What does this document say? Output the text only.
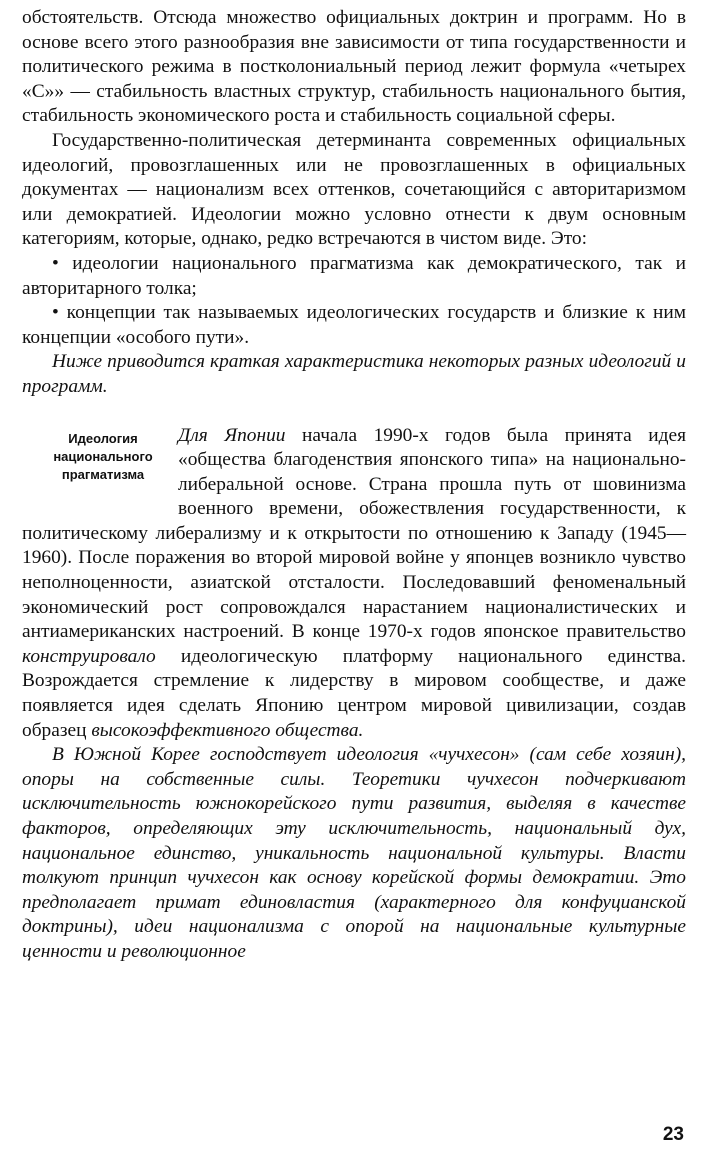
обстоятельств. Отсюда множество официальных доктрин и программ. Но в основе всего этого разнообразия вне зависимости от типа государственности и политического режима в постколониальный период лежит формула «четырех «С»» — стабильность властных структур, стабильность национального бытия, стабильность экономического роста и стабильность социальной сферы.

Государственно-политическая детерминанта современных официальных идеологий, провозглашенных или не провозглашенных в официальных документах — национализм всех оттенков, сочетающийся с авторитаризмом или демократией. Идеологии можно условно отнести к двум основным категориям, которые, однако, редко встречаются в чистом виде. Это:

• идеологии национального прагматизма как демократического, так и авторитарного толка;

• концепции так называемых идеологических государств и близкие к ним концепции «особого пути».

Ниже приводится краткая характеристика некоторых разных идеологий и программ.

Идеология
национального
прагматизма

Для Японии начала 1990-х годов была принята идея «общества благоденствия японского типа» на национально-либеральной основе. Страна прошла путь от шовинизма военного времени, обожествления государственности, к политическому либерализму и к открытости по отношению к Западу (1945—1960). После поражения во второй мировой войне у японцев возникло чувство неполноценности, азиатской отсталости. Последовавший феноменальный экономический рост сопровождался нарастанием националистических и антиамериканских настроений. В конце 1970-х годов японское правительство конструировало идеологическую платформу национального единства. Возрождается стремление к лидерству в мировом сообществе, и даже появляется идея сделать Японию центром мировой цивилизации, создав образец высокоэффективного общества.

В Южной Корее господствует идеология «чучхесон» (сам себе хозяин), опоры на собственные силы. Теоретики чучхесон подчеркивают исключительность южнокорейского пути развития, выделяя в качестве факторов, определяющих эту исключительность, национальный дух, национальное единство, уникальность национальной культуры. Власти толкуют принцип чучхесон как основу корейской формы демократии. Это предполагает примат единовластия (характерного для конфуцианской доктрины), идеи национализма с опорой на национальные культурные ценности и революционное

23
